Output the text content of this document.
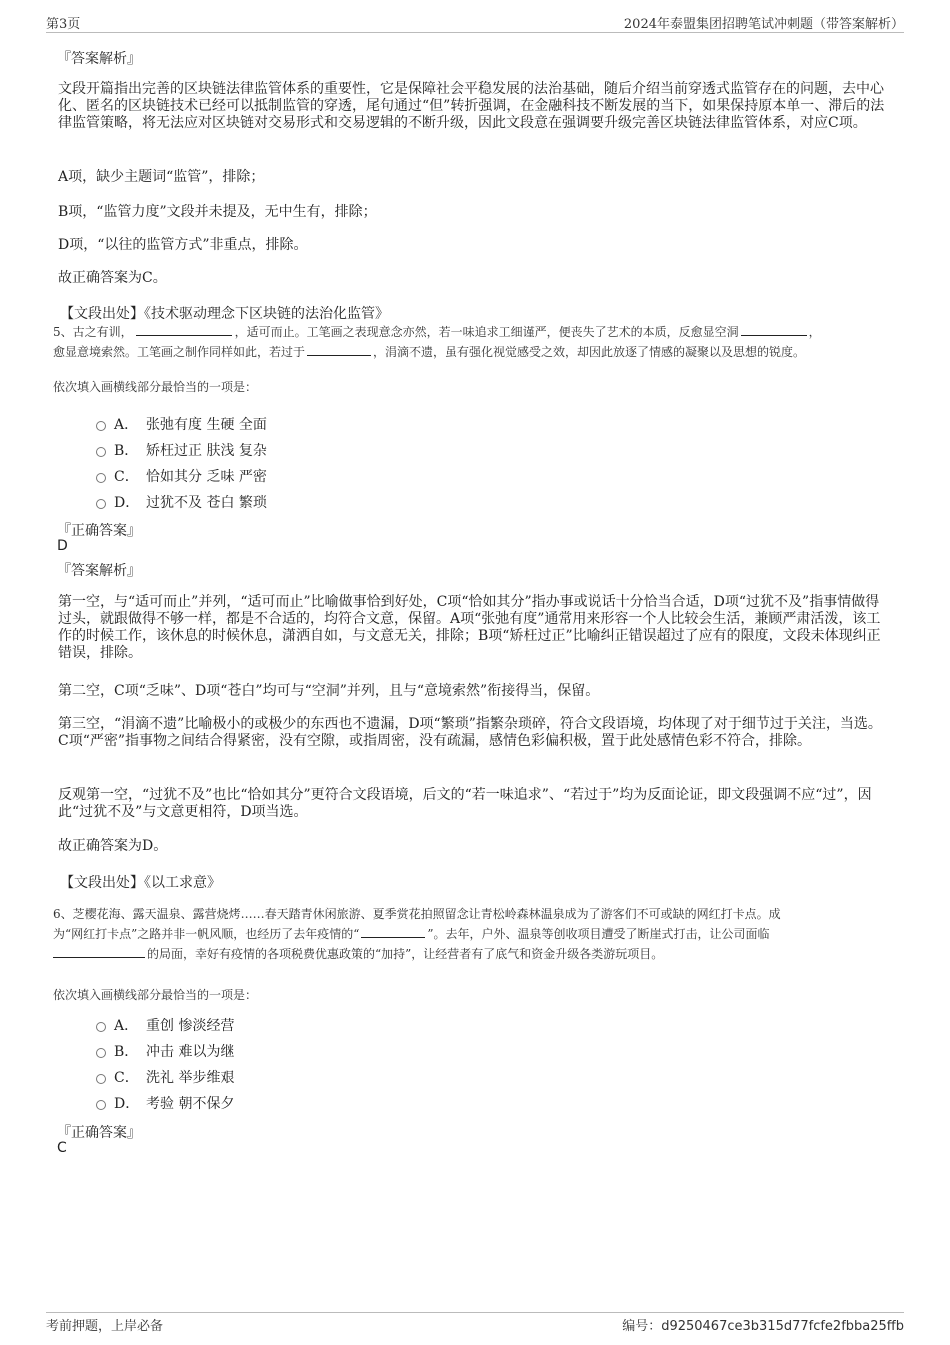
第3页	2024年泰盟集团招聘笔试冲刺题（带答案解析）
『答案解析』
文段开篇指出完善的区块链法律监管体系的重要性，它是保障社会平稳发展的法治基础，随后介绍当前穿透式监管存在的问题，去中心化、匿名的区块链技术已经可以抵制监管的穿透，尾句通过“但”转折强调，在金融科技不断发展的当下，如果保持原本单一、滞后的法律监管策略，将无法应对区块链对交易形式和交易逻辑的不断升级，因此文段意在强调要升级完善区块链法律监管体系，对应C项。
A项，缺少主题词“监管”，排除；
B项，“监管力度”文段并未提及，无中生有，排除；
D项，“以往的监管方式”非重点，排除。
故正确答案为C。
【文段出处】《技术驱动理念下区块链的法治化监管》
5、古之有训，	，适可而止。工笔画之表现意念亦然，若一味追求工细谨严，便丧失了艺术的本质，反愈显空洞	，
愈显意境索然。工笔画之制作同样如此，若过于	，涓滴不遗，虽有强化视觉感受之效，却因此放逐了情感的凝聚以及思想的锐度。
依次填入画横线部分最恰当的一项是：
A． 张弛有度 生硬 全面
B． 矫枉过正 肤浅 复杂
C． 恰如其分 乏味 严密
D． 过犹不及 苍白 繁琐
『正确答案』
D
『答案解析』
第一空，与“适可而止”并列，“适可而止”比喻做事恰到好处，C项“恰如其分”指办事或说话十分恰当合适，D项“过犹不及”指事情做得过头，就跟做得不够一样，都是不合适的，均符合文意，保留。A项“张弛有度”通常用来形容一个人比较会生活，兼顾严肃活泼，该工作的时候工作，该休息的时候休息，潇洒自如，与文意无关，排除；B项“矫枉过正”比喻纠正错误超过了应有的限度，文段未体现纠正错误，排除。
第二空，C项“乏味”、D项“苍白”均可与“空洞”并列，且与“意境索然”衔接得当，保留。
第三空，“涓滴不遗”比喻极小的或极少的东西也不遗漏，D项“繁琐”指繁杂琐碎，符合文段语境，均体现了对于细节过于关注，当选。C项“严密”指事物之间结合得紧密，没有空隙，或指周密，没有疏漏，感情色彩偏积极，置于此处感情色彩不符合，排除。
反观第一空，“过犹不及”也比“恰如其分”更符合文段语境，后文的“若一味追求”、“若过于”均为反面论证，即文段强调不应“过”，因此“过犹不及”与文意更相符，D项当选。
故正确答案为D。
【文段出处】《以工求意》
6、芝樱花海、露天温泉、露营烧烤……春天踏青休闲旅游、夏季赏花拍照留念让青松岭森林温泉成为了游客们不可或缺的网红打卡点。成
为“网红打卡点”之路并非一帆风顺，也经历了去年疫情的“	”。去年，户外、温泉等创收项目遭受了断崖式打击，让公司面临
的局面，幸好有疫情的各项税费优惠政策的“加持”，让经营者有了底气和资金升级各类游玩项目。
依次填入画横线部分最恰当的一项是：
A． 重创 惨淡经营
B． 冲击 难以为继
C． 洗礼 举步维艰
D． 考验 朝不保夕
『正确答案』
C
考前押题，上岸必备	编号：d9250467ce3b315d77fcfe2fbba25ffb
